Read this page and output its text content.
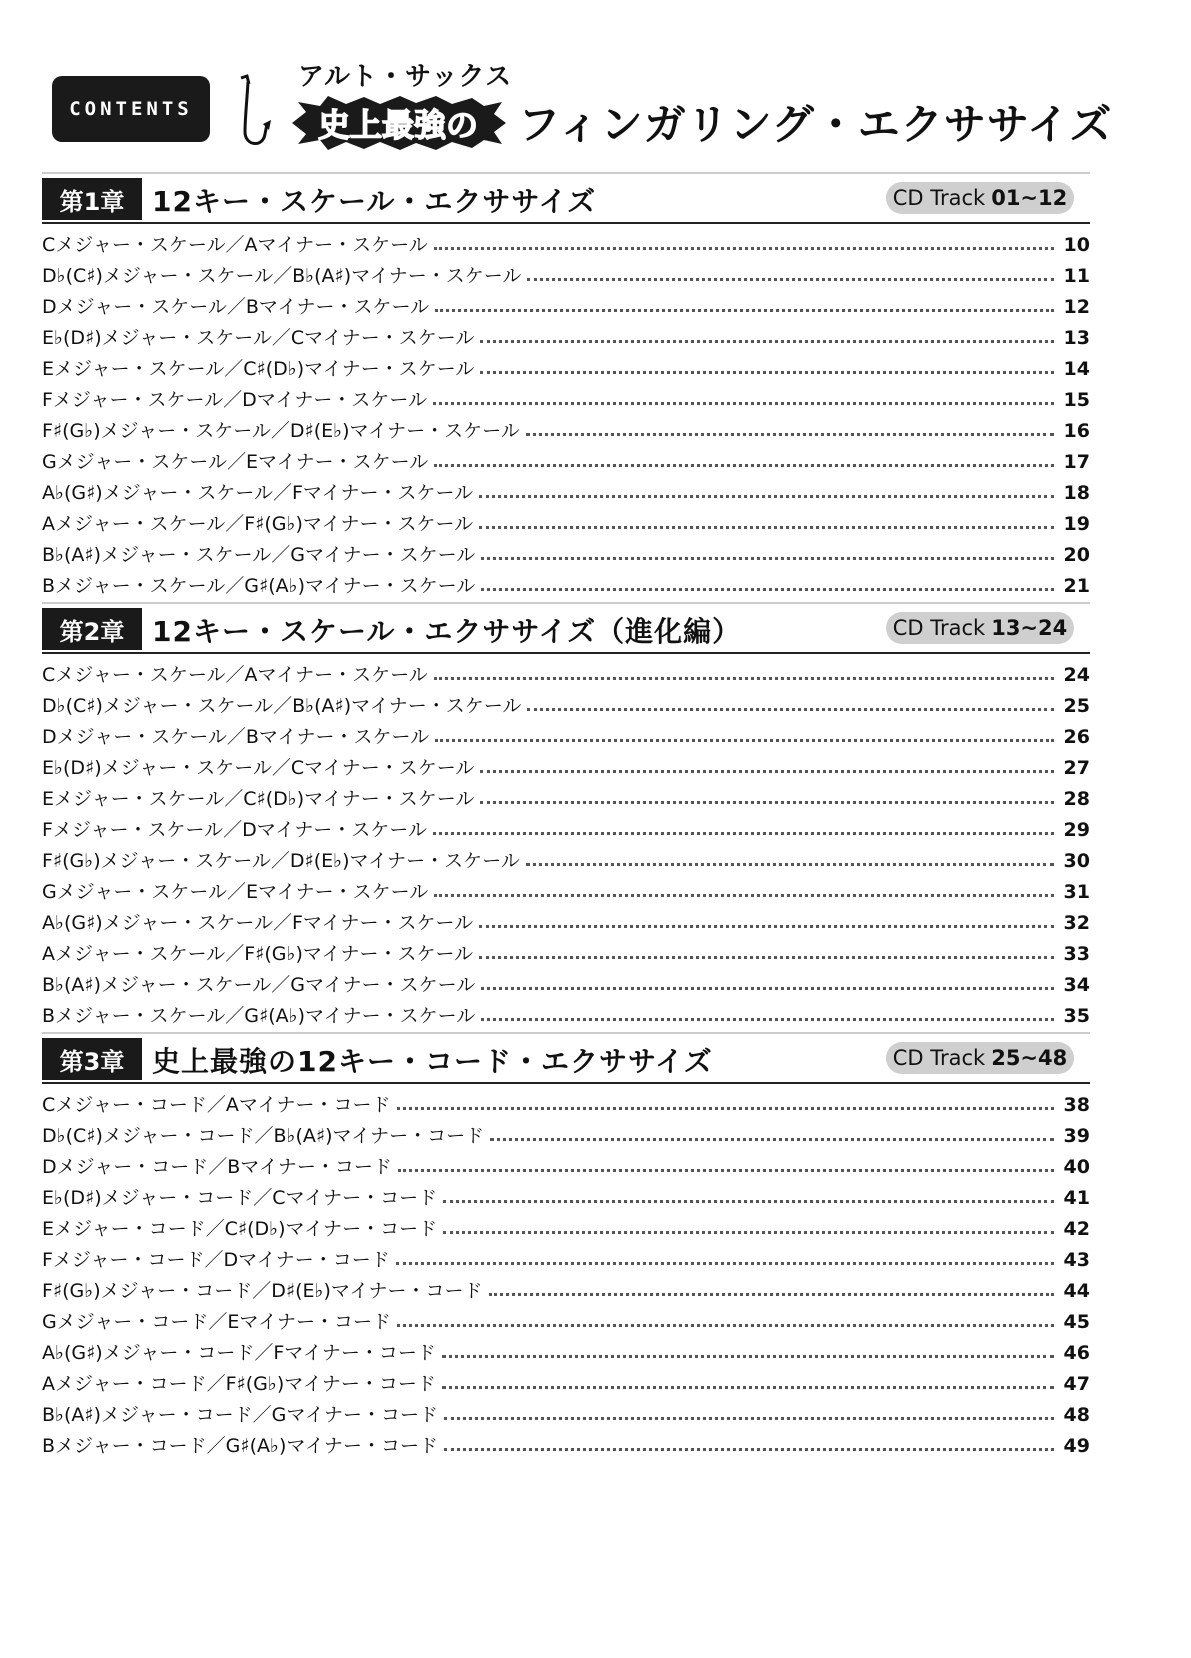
CONTENTS
アルト・サックス
史上最強の フィンガリング・エクササイズ
第1章 12キー・スケール・エクササイズ	CD Track 01~12
Cメジャー・スケール／Aマイナー・スケール	10
D♭(C♯)メジャー・スケール／B♭(A♯)マイナー・スケール	11
Dメジャー・スケール／Bマイナー・スケール	12
E♭(D♯)メジャー・スケール／Cマイナー・スケール	13
Eメジャー・スケール／C♯(D♭)マイナー・スケール	14
Fメジャー・スケール／Dマイナー・スケール	15
F♯(G♭)メジャー・スケール／D♯(E♭)マイナー・スケール	16
Gメジャー・スケール／Eマイナー・スケール	17
A♭(G♯)メジャー・スケール／Fマイナー・スケール	18
Aメジャー・スケール／F♯(G♭)マイナー・スケール	19
B♭(A♯)メジャー・スケール／Gマイナー・スケール	20
Bメジャー・スケール／G♯(A♭)マイナー・スケール	21
第2章 12キー・スケール・エクササイズ（進化編）	CD Track 13~24
Cメジャー・スケール／Aマイナー・スケール	24
D♭(C♯)メジャー・スケール／B♭(A♯)マイナー・スケール	25
Dメジャー・スケール／Bマイナー・スケール	26
E♭(D♯)メジャー・スケール／Cマイナー・スケール	27
Eメジャー・スケール／C♯(D♭)マイナー・スケール	28
Fメジャー・スケール／Dマイナー・スケール	29
F♯(G♭)メジャー・スケール／D♯(E♭)マイナー・スケール	30
Gメジャー・スケール／Eマイナー・スケール	31
A♭(G♯)メジャー・スケール／Fマイナー・スケール	32
Aメジャー・スケール／F♯(G♭)マイナー・スケール	33
B♭(A♯)メジャー・スケール／Gマイナー・スケール	34
Bメジャー・スケール／G♯(A♭)マイナー・スケール	35
第3章 史上最強の12キー・コード・エクササイズ	CD Track 25~48
Cメジャー・コード／Aマイナー・コード	38
D♭(C♯)メジャー・コード／B♭(A♯)マイナー・コード	39
Dメジャー・コード／Bマイナー・コード	40
E♭(D♯)メジャー・コード／Cマイナー・コード	41
Eメジャー・コード／C♯(D♭)マイナー・コード	42
Fメジャー・コード／Dマイナー・コード	43
F♯(G♭)メジャー・コード／D♯(E♭)マイナー・コード	44
Gメジャー・コード／Eマイナー・コード	45
A♭(G♯)メジャー・コード／Fマイナー・コード	46
Aメジャー・コード／F♯(G♭)マイナー・コード	47
B♭(A♯)メジャー・コード／Gマイナー・コード	48
Bメジャー・コード／G♯(A♭)マイナー・コード	49
